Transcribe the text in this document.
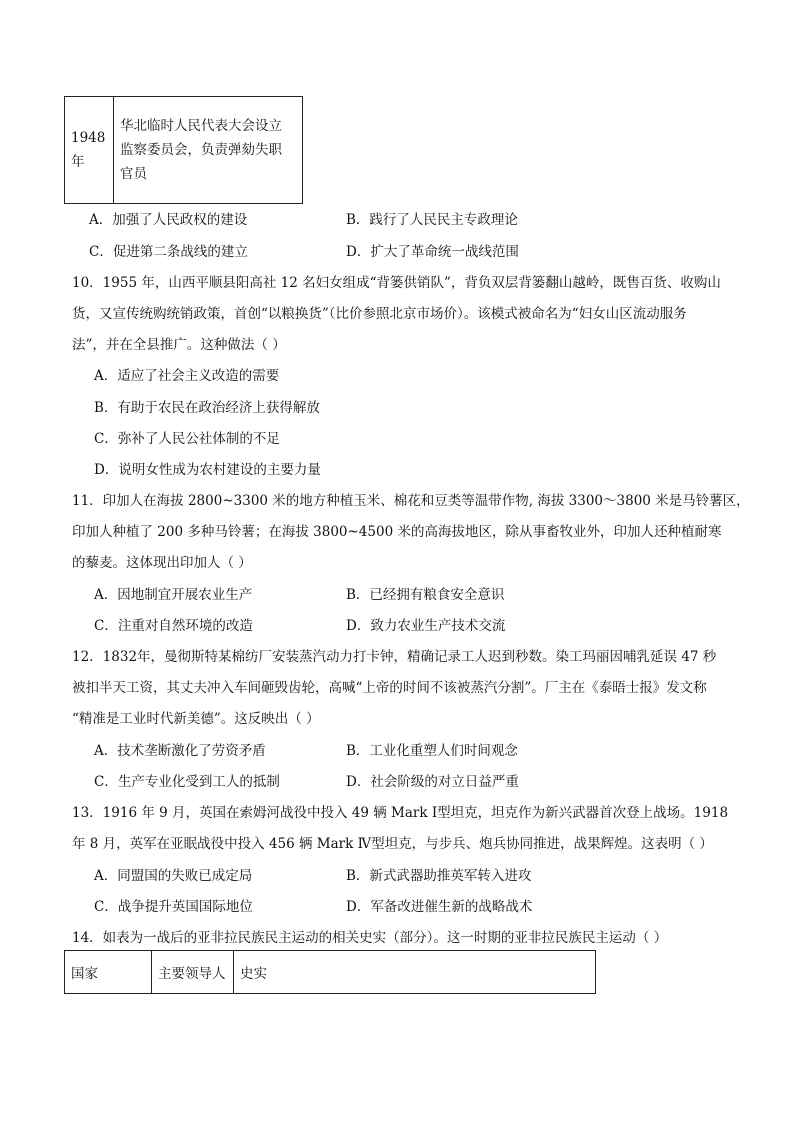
1948
年

华北临时人民代表大会设立
监察委员会，负责弹劾失职
官员
A．加强了人民政权的建设	B．践行了人民民主专政理论
C．促进第二条战线的建立	D．扩大了革命统一战线范围
10．1955 年，山西平顺县阳高社 12 名妇女组成“背篓供销队”，背负双层背篓翻山越岭，既售百货、收购山
货，又宣传统购统销政策，首创“以粮换货”（比价参照北京市场价）。该模式被命名为“妇女山区流动服务
法”，并在全县推广。这种做法（ ）
A．适应了社会主义改造的需要
B．有助于农民在政治经济上获得解放
C．弥补了人民公社体制的不足
D．说明女性成为农村建设的主要力量
11．印加人在海拔 2800~3300 米的地方种植玉米、棉花和豆类等温带作物, 海拔 3300～3800 米是马铃薯区，
印加人种植了 200 多种马铃薯；在海拔 3800~4500 米的高海拔地区，除从事畜牧业外，印加人还种植耐寒
的藜麦。这体现出印加人（ ）
A．因地制宜开展农业生产	B．已经拥有粮食安全意识
C．注重对自然环境的改造	D．致力农业生产技术交流
12．1832年，曼彻斯特某棉纺厂安装蒸汽动力打卡钟，精确记录工人迟到秒数。染工玛丽因哺乳延误 47 秒
被扣半天工资，其丈夫冲入车间砸毁齿轮，高喊“上帝的时间不该被蒸汽分割”。厂主在《泰晤士报》发文称
“精准是工业时代新美德”。这反映出（ ）
A．技术垄断激化了劳资矛盾	B．工业化重塑人们时间观念
C．生产专业化受到工人的抵制	D．社会阶级的对立日益严重
13．1916 年 9 月，英国在索姆河战役中投入 49 辆 Mark Ⅰ型坦克，坦克作为新兴武器首次登上战场。1918
年 8 月，英军在亚眠战役中投入 456 辆 Mark Ⅳ型坦克，与步兵、炮兵协同推进，战果辉煌。这表明（ ）
A．同盟国的失败已成定局	B．新式武器助推英军转入进攻
C．战争提升英国国际地位	D．军备改进催生新的战略战术
14．如表为一战后的亚非拉民族民主运动的相关史实（部分）。这一时期的亚非拉民族民主运动（ ）
国家	主要领导人	史实
